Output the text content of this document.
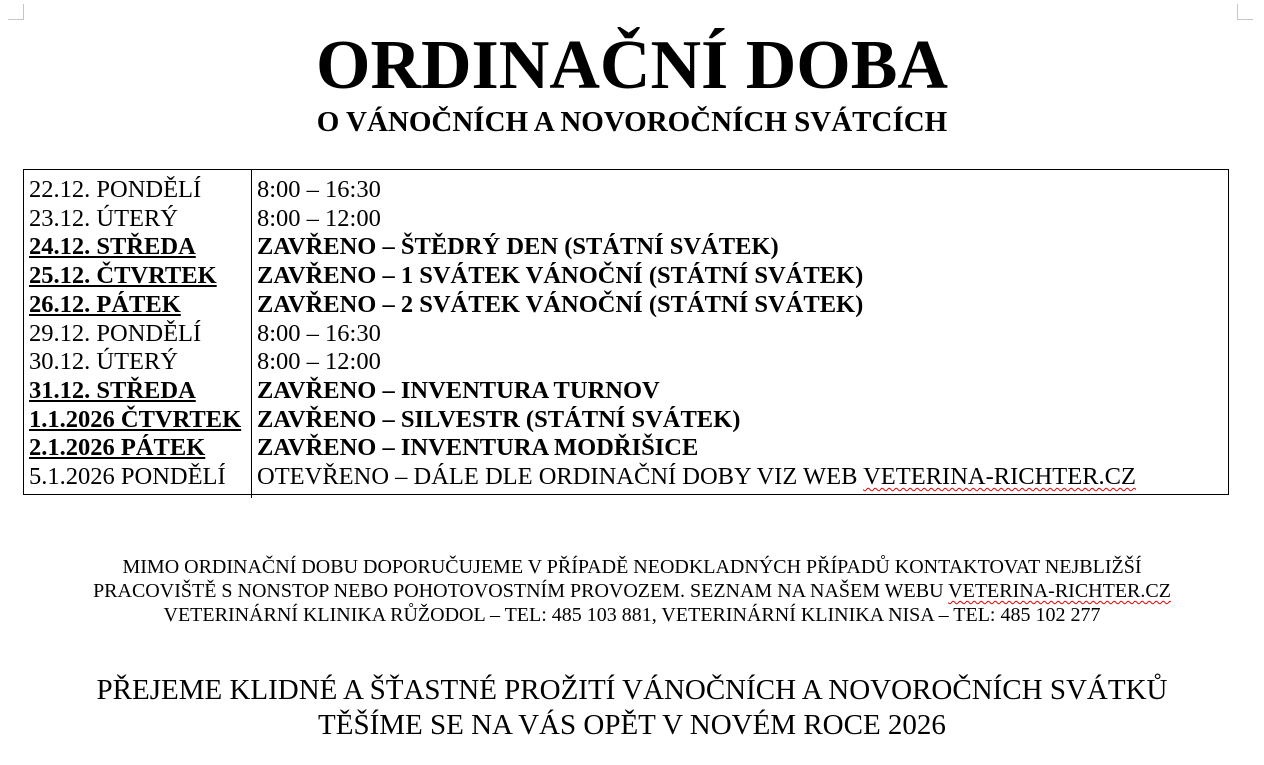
ORDINAČNÍ DOBA
O VÁNOČNÍCH A NOVOROČNÍCH SVÁTCÍCH
22.12. PONDĚLÍ	8:00 – 16:30
23.12. ÚTERÝ	8:00 – 12:00
24.12. STŘEDA	ZAVŘENO – ŠTĚDRÝ DEN (STÁTNÍ SVÁTEK)
25.12. ČTVRTEK	ZAVŘENO – 1 SVÁTEK VÁNOČNÍ (STÁTNÍ SVÁTEK)
26.12. PÁTEK	ZAVŘENO – 2 SVÁTEK VÁNOČNÍ (STÁTNÍ SVÁTEK)
29.12. PONDĚLÍ	8:00 – 16:30
30.12. ÚTERÝ	8:00 – 12:00
31.12. STŘEDA	ZAVŘENO – INVENTURA TURNOV
1.1.2026 ČTVRTEK	ZAVŘENO – SILVESTR (STÁTNÍ SVÁTEK)
2.1.2026 PÁTEK	ZAVŘENO – INVENTURA MODŘIŠICE
5.1.2026 PONDĚLÍ	OTEVŘENO – DÁLE DLE ORDINAČNÍ DOBY VIZ WEB VETERINA-RICHTER.CZ
MIMO ORDINAČNÍ DOBU DOPORUČUJEME V PŘÍPADĚ NEODKLADNÝCH PŘÍPADŮ KONTAKTOVAT NEJBLIŽŠÍ
PRACOVIŠTĚ S NONSTOP NEBO POHOTOVOSTNÍM PROVOZEM. SEZNAM NA NAŠEM WEBU VETERINA-RICHTER.CZ
VETERINÁRNÍ KLINIKA RŮŽODOL – TEL: 485 103 881, VETERINÁRNÍ KLINIKA NISA – TEL: 485 102 277
PŘEJEME KLIDNÉ A ŠŤASTNÉ PROŽITÍ VÁNOČNÍCH A NOVOROČNÍCH SVÁTKŮ
TĚŠÍME SE NA VÁS OPĚT V NOVÉM ROCE 2026
